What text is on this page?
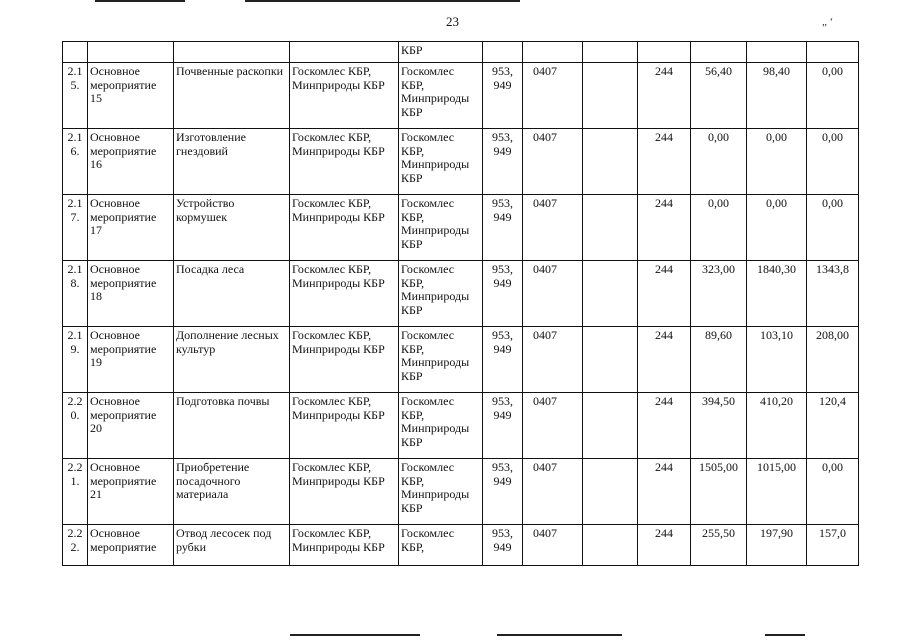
23	„ ‘
				КБР							
2.15.	Основное мероприятие 15	Почвенные раскопки	Госкомлес КБР, Минприроды КБР	Госкомлес КБР, Минприроды КБР	953, 949	0407		244	56,40	98,40	0,00
2.16.	Основное мероприятие 16	Изготовление гнездовий	Госкомлес КБР, Минприроды КБР	Госкомлес КБР, Минприроды КБР	953, 949	0407		244	0,00	0,00	0,00
2.17.	Основное мероприятие 17	Устройство кормушек	Госкомлес КБР, Минприроды КБР	Госкомлес КБР, Минприроды КБР	953, 949	0407		244	0,00	0,00	0,00
2.18.	Основное мероприятие 18	Посадка леса	Госкомлес КБР, Минприроды КБР	Госкомлес КБР, Минприроды КБР	953, 949	0407		244	323,00	1840,30	1343,8
2.19.	Основное мероприятие 19	Дополнение лесных культур	Госкомлес КБР, Минприроды КБР	Госкомлес КБР, Минприроды КБР	953, 949	0407		244	89,60	103,10	208,00
2.20.	Основное мероприятие 20	Подготовка почвы	Госкомлес КБР, Минприроды КБР	Госкомлес КБР, Минприроды КБР	953, 949	0407		244	394,50	410,20	120,4
2.21.	Основное мероприятие 21	Приобретение посадочного материала	Госкомлес КБР, Минприроды КБР	Госкомлес КБР, Минприроды КБР	953, 949	0407		244	1505,00	1015,00	0,00
2.22.	Основное мероприятие	Отвод лесосек под рубки	Госкомлес КБР, Минприроды КБР	Госкомлес КБР,	953, 949	0407		244	255,50	197,90	157,0
